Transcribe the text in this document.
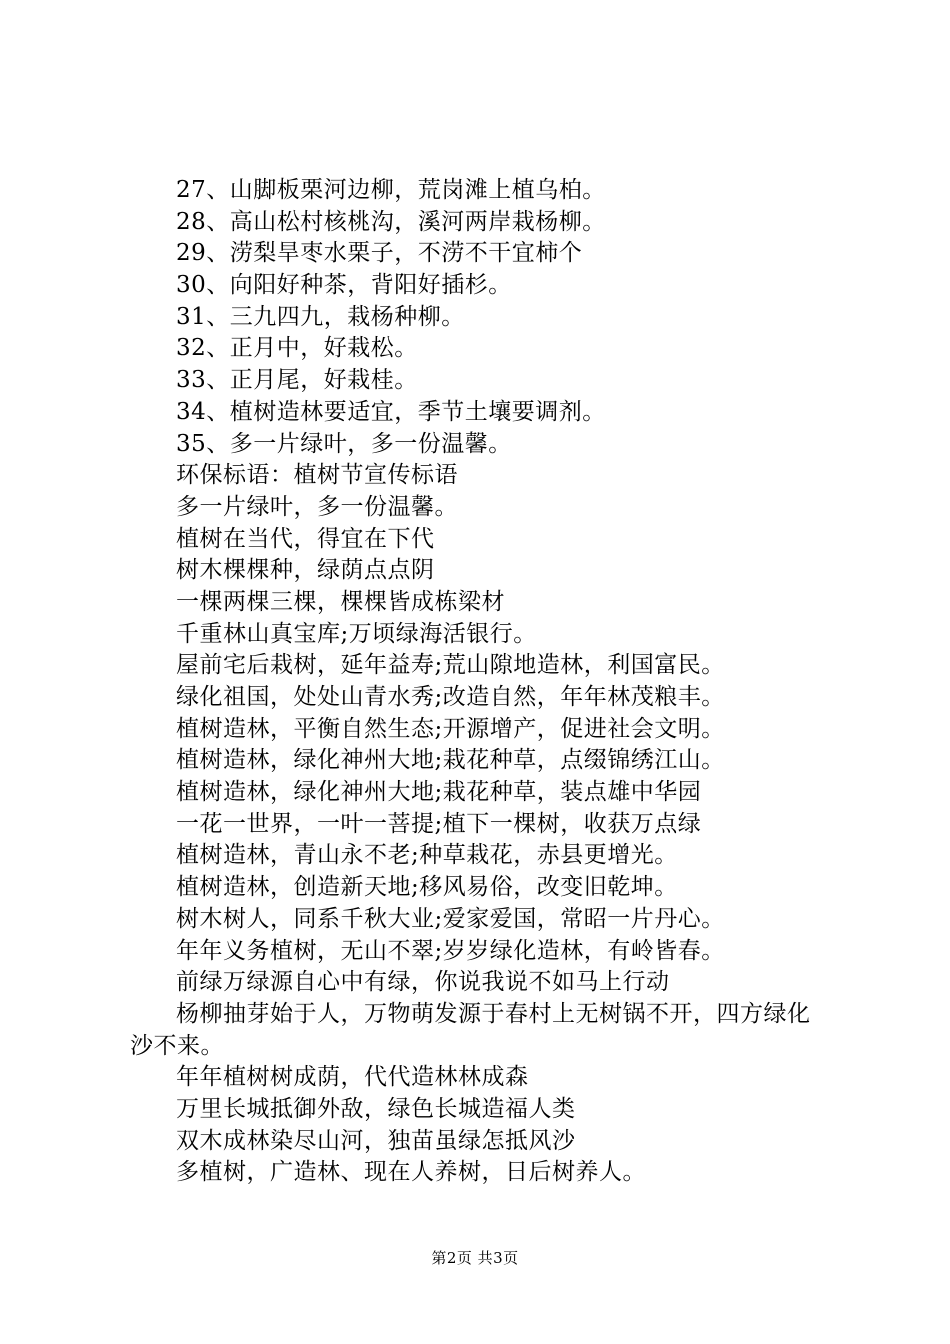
27、山脚板栗河边柳，荒岗滩上植乌柏。
28、高山松村核桃沟，溪河两岸栽杨柳。
29、涝梨旱枣水栗子，不涝不干宜柿个
30、向阳好种茶，背阳好插杉。
31、三九四九，栽杨种柳。
32、正月中，好栽松。
33、正月尾，好栽桂。
34、植树造林要适宜，季节土壤要调剂。
35、多一片绿叶，多一份温馨。
环保标语：植树节宣传标语
多一片绿叶，多一份温馨。
植树在当代，得宜在下代
树木棵棵种，绿荫点点阴
一棵两棵三棵，棵棵皆成栋梁材
千重林山真宝库;万顷绿海活银行。
屋前宅后栽树，延年益寿;荒山隙地造林，利国富民。
绿化祖国，处处山青水秀;改造自然，年年林茂粮丰。
植树造林，平衡自然生态;开源增产，促进社会文明。
植树造林，绿化神州大地;栽花种草，点缀锦绣江山。
植树造林，绿化神州大地;栽花种草，装点雄中华园
一花一世界，一叶一菩提;植下一棵树，收获万点绿
植树造林，青山永不老;种草栽花，赤县更增光。
植树造林，创造新天地;移风易俗，改变旧乾坤。
树木树人，同系千秋大业;爱家爱国，常昭一片丹心。
年年义务植树，无山不翠;岁岁绿化造林，有岭皆春。
前绿万绿源自心中有绿，你说我说不如马上行动
杨柳抽芽始于人，万物萌发源于春村上无树锅不开，四方绿化沙不来。
年年植树树成荫，代代造林林成森
万里长城抵御外敌，绿色长城造福人类
双木成林染尽山河，独苗虽绿怎抵风沙
多植树，广造林、现在人养树，日后树养人。
第2页 共3页
